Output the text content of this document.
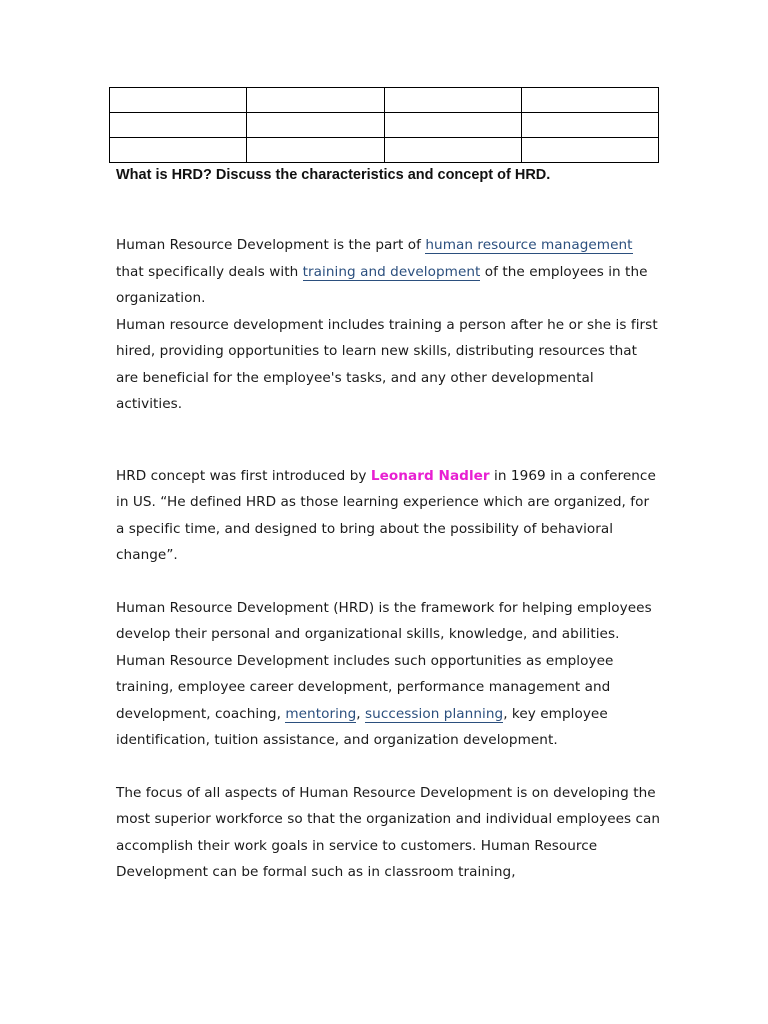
What is HRD? Discuss the characteristics and concept of HRD.

Human Resource Development is the part of human resource management that specifically deals with training and development of the employees in the organization.

Human resource development includes training a person after he or she is first hired, providing opportunities to learn new skills, distributing resources that are beneficial for the employee's tasks, and any other developmental activities.

HRD concept was first introduced by Leonard Nadler in 1969 in a conference in US. “He defined HRD as those learning experience which are organized, for a specific time, and designed to bring about the possibility of behavioral change”.

Human Resource Development (HRD) is the framework for helping employees develop their personal and organizational skills, knowledge, and abilities. Human Resource Development includes such opportunities as employee training, employee career development, performance management and development, coaching, mentoring, succession planning, key employee identification, tuition assistance, and organization development.

The focus of all aspects of Human Resource Development is on developing the most superior workforce so that the organization and individual employees can accomplish their work goals in service to customers. Human Resource Development can be formal such as in classroom training,
